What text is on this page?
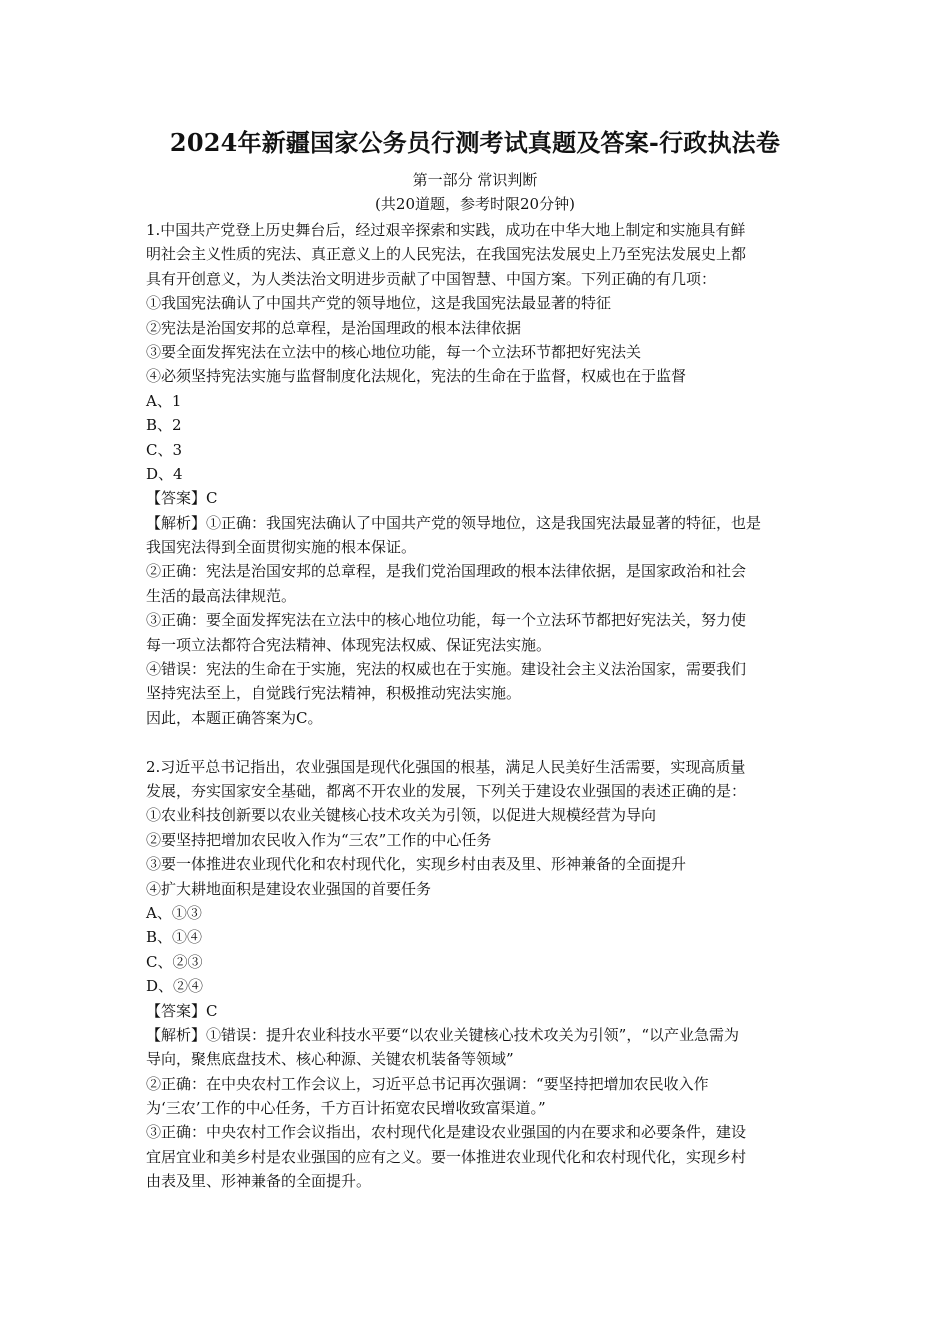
2024年新疆国家公务员行测考试真题及答案-行政执法卷
第一部分 常识判断
(共20道题，参考时限20分钟)
1.中国共产党登上历史舞台后，经过艰辛探索和实践，成功在中华大地上制定和实施具有鲜
明社会主义性质的宪法、真正意义上的人民宪法，在我国宪法发展史上乃至宪法发展史上都
具有开创意义，为人类法治文明进步贡献了中国智慧、中国方案。下列正确的有几项：
①我国宪法确认了中国共产党的领导地位，这是我国宪法最显著的特征
②宪法是治国安邦的总章程，是治国理政的根本法律依据
③要全面发挥宪法在立法中的核心地位功能，每一个立法环节都把好宪法关
④必须坚持宪法实施与监督制度化法规化，宪法的生命在于监督，权威也在于监督
A、1
B、2
C、3
D、4
【答案】C
【解析】①正确：我国宪法确认了中国共产党的领导地位，这是我国宪法最显著的特征，也是
我国宪法得到全面贯彻实施的根本保证。
②正确：宪法是治国安邦的总章程，是我们党治国理政的根本法律依据，是国家政治和社会
生活的最高法律规范。
③正确：要全面发挥宪法在立法中的核心地位功能，每一个立法环节都把好宪法关，努力使
每一项立法都符合宪法精神、体现宪法权威、保证宪法实施。
④错误：宪法的生命在于实施，宪法的权威也在于实施。建设社会主义法治国家，需要我们
坚持宪法至上，自觉践行宪法精神，积极推动宪法实施。
因此，本题正确答案为C。
2.习近平总书记指出，农业强国是现代化强国的根基，满足人民美好生活需要，实现高质量
发展，夯实国家安全基础，都离不开农业的发展，下列关于建设农业强国的表述正确的是：
①农业科技创新要以农业关键核心技术攻关为引领，以促进大规模经营为导向
②要坚持把增加农民收入作为“三农”工作的中心任务
③要一体推进农业现代化和农村现代化，实现乡村由表及里、形神兼备的全面提升
④扩大耕地面积是建设农业强国的首要任务
A、①③
B、①④
C、②③
D、②④
【答案】C
【解析】①错误：提升农业科技水平要“以农业关键核心技术攻关为引领”，“以产业急需为
导向，聚焦底盘技术、核心种源、关键农机装备等领域”
②正确：在中央农村工作会议上，习近平总书记再次强调：“要坚持把增加农民收入作
为‘三农’工作的中心任务，千方百计拓宽农民增收致富渠道。”
③正确：中央农村工作会议指出，农村现代化是建设农业强国的内在要求和必要条件，建设
宜居宜业和美乡村是农业强国的应有之义。要一体推进农业现代化和农村现代化，实现乡村
由表及里、形神兼备的全面提升。
